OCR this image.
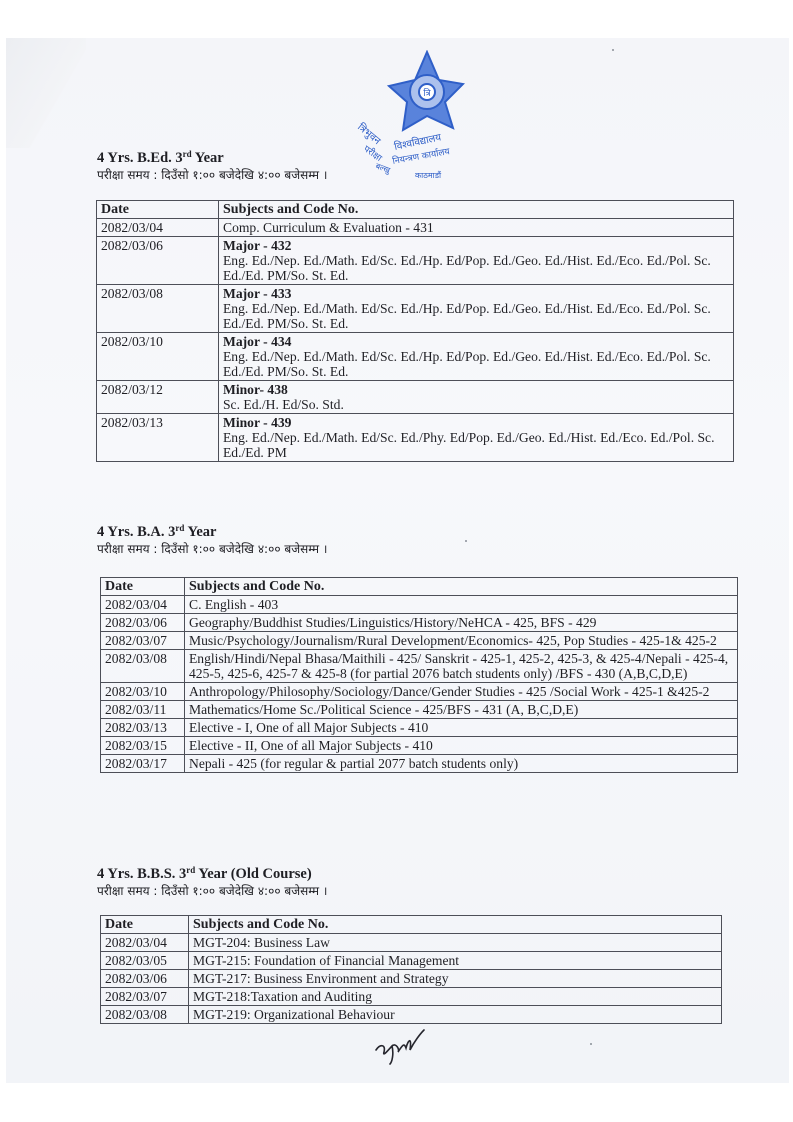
त्रि
त्रिभुवन विश्वविद्यालय
परीक्षा नियन्त्रण कार्यालय
बल्खु
काठमाडौं
4 Yrs. B.Ed. 3rd Year
परीक्षा समय : दिउँसो १:०० बजेदेखि ४:०० बजेसम्म ।
Date	Subjects and Code No.
2082/03/04	Comp. Curriculum & Evaluation - 431
2082/03/06	Major - 432
Eng. Ed./Nep. Ed./Math. Ed/Sc. Ed./Hp. Ed/Pop. Ed./Geo. Ed./Hist. Ed./Eco. Ed./Pol. Sc. Ed./Ed. PM/So. St. Ed.
2082/03/08	Major - 433
Eng. Ed./Nep. Ed./Math. Ed/Sc. Ed./Hp. Ed/Pop. Ed./Geo. Ed./Hist. Ed./Eco. Ed./Pol. Sc. Ed./Ed. PM/So. St. Ed.
2082/03/10	Major - 434
Eng. Ed./Nep. Ed./Math. Ed/Sc. Ed./Hp. Ed/Pop. Ed./Geo. Ed./Hist. Ed./Eco. Ed./Pol. Sc. Ed./Ed. PM/So. St. Ed.
2082/03/12	Minor- 438
Sc. Ed./H. Ed/So. Std.
2082/03/13	Minor - 439
Eng. Ed./Nep. Ed./Math. Ed/Sc. Ed./Phy. Ed/Pop. Ed./Geo. Ed./Hist. Ed./Eco. Ed./Pol. Sc. Ed./Ed. PM
4 Yrs. B.A. 3rd Year
परीक्षा समय : दिउँसो १:०० बजेदेखि ४:०० बजेसम्म ।
Date	Subjects and Code No.
2082/03/04	C. English - 403
2082/03/06	Geography/Buddhist Studies/Linguistics/History/NeHCA - 425, BFS - 429
2082/03/07	Music/Psychology/Journalism/Rural Development/Economics- 425, Pop Studies - 425-1& 425-2
2082/03/08	English/Hindi/Nepal Bhasa/Maithili - 425/ Sanskrit - 425-1, 425-2, 425-3, & 425-4/Nepali - 425-4, 425-5, 425-6, 425-7 & 425-8 (for partial 2076 batch students only) /BFS - 430 (A,B,C,D,E)
2082/03/10	Anthropology/Philosophy/Sociology/Dance/Gender Studies - 425 /Social Work - 425-1 &425-2
2082/03/11	Mathematics/Home Sc./Political Science - 425/BFS - 431 (A, B,C,D,E)
2082/03/13	Elective - I, One of all Major Subjects - 410
2082/03/15	Elective - II, One of all Major Subjects - 410
2082/03/17	Nepali - 425 (for regular & partial 2077 batch students only)
4 Yrs. B.B.S. 3rd Year (Old Course)
परीक्षा समय : दिउँसो १:०० बजेदेखि ४:०० बजेसम्म ।
Date	Subjects and Code No.
2082/03/04	MGT-204: Business Law
2082/03/05	MGT-215: Foundation of Financial Management
2082/03/06	MGT-217: Business Environment and Strategy
2082/03/07	MGT-218:Taxation and Auditing
2082/03/08	MGT-219: Organizational Behaviour
